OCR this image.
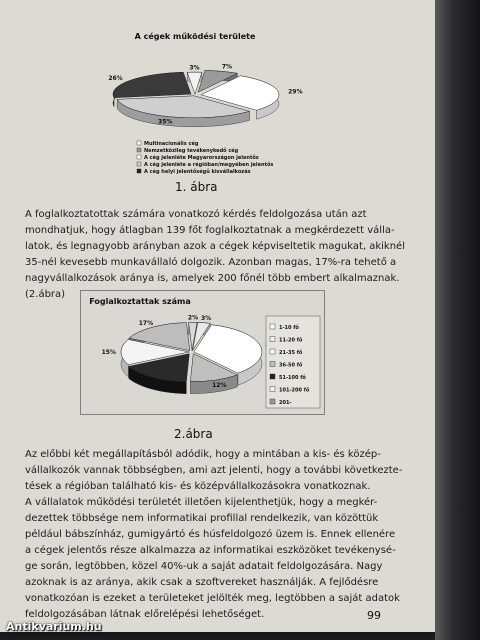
A cégek működési területe
3%	7%
29%
35%
26%
Multinacionális cég
Nemzetközileg tevékenykedő cég
A cég jelenléte Magyarországon jelentős
A cég jelenléte a régióban/megyében jelentős
A cég helyi jelentőségű kisvállalkozás
1. ábra
A foglalkoztatottak számára vonatkozó kérdés feldolgozása után azt
mondhatjuk, hogy átlagban 139 főt foglalkoztatnak a megkérdezett válla-
latok, és legnagyobb arányban azok a cégek képviseltetik magukat, akiknél
35-nél kevesebb munkavállaló dolgozik. Azonban magas, 17%-ra tehető a
nagyvállalkozások aránya is, amelyek 200 főnél több embert alkalmaznak.
(2.ábra)
Foglalkoztattak száma
2% 3%
12%
17%
15%
17%
1-10 fő
11-20 fő
21-35 fő
36-50 fő
51-100 fő
101-200 fő
201-
2.ábra
Az előbbi két megállapításból adódik, hogy a mintában a kis- és közép-
vállalkozók vannak többségben, ami azt jelenti, hogy a további következte-
tések a régióban található kis- és középvállalkozásokra vonatkoznak.
A vállalatok működési területét illetően kijelenthetjük, hogy a megkér-
dezettek többsége nem informatikai profillal rendelkezik, van közöttük
például bábszínház, gumigyártó és húsfeldolgozó üzem is. Ennek ellenére
a cégek jelentős része alkalmazza az informatikai eszközöket tevékenysé-
ge során, legtöbben, közel 40%-uk a saját adatait feldolgozására. Nagy
azoknak is az aránya, akik csak a szoftvereket használják. A fejlődésre
vonatkozóan is ezeket a területeket jelölték meg, legtöbben a saját adatok
feldolgozásában látnak előrelépési lehetőséget.	99
Antikvarium.hu
